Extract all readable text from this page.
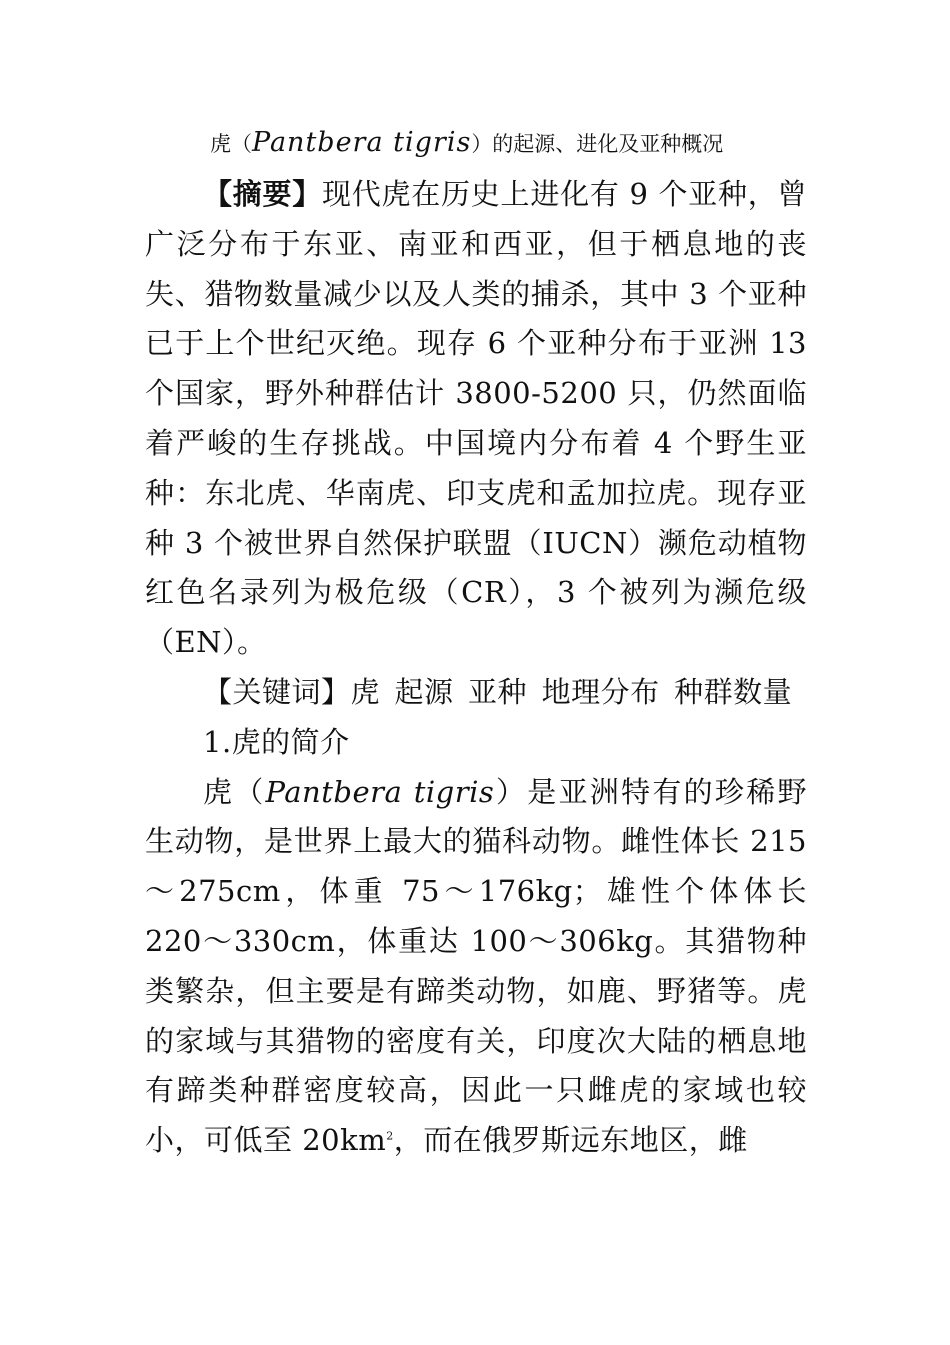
虎（Pantbera tigris）的起源、进化及亚种概况

【摘要】现代虎在历史上进化有 9 个亚种，曾广泛分布于东亚、南亚和西亚，但于栖息地的丧失、猎物数量减少以及人类的捕杀，其中 3 个亚种已于上个世纪灭绝。现存 6 个亚种分布于亚洲 13 个国家，野外种群估计 3800-5200 只，仍然面临着严峻的生存挑战。中国境内分布着 4 个野生亚种：东北虎、华南虎、印支虎和孟加拉虎。现存亚种 3 个被世界自然保护联盟（IUCN）濒危动植物红色名录列为极危级（CR），3 个被列为濒危级（EN）。

【关键词】虎 起源 亚种 地理分布 种群数量

1.虎的简介

虎（Pantbera tigris）是亚洲特有的珍稀野生动物，是世界上最大的猫科动物。雌性体长 215～275cm，体重 75～176kg；雄性个体体长 220～330cm，体重达 100～306kg。其猎物种类繁杂，但主要是有蹄类动物，如鹿、野猪等。虎的家域与其猎物的密度有关，印度次大陆的栖息地有蹄类种群密度较高，因此一只雌虎的家域也较小，可低至 $20km^2$，而在俄罗斯远东地区，雌
